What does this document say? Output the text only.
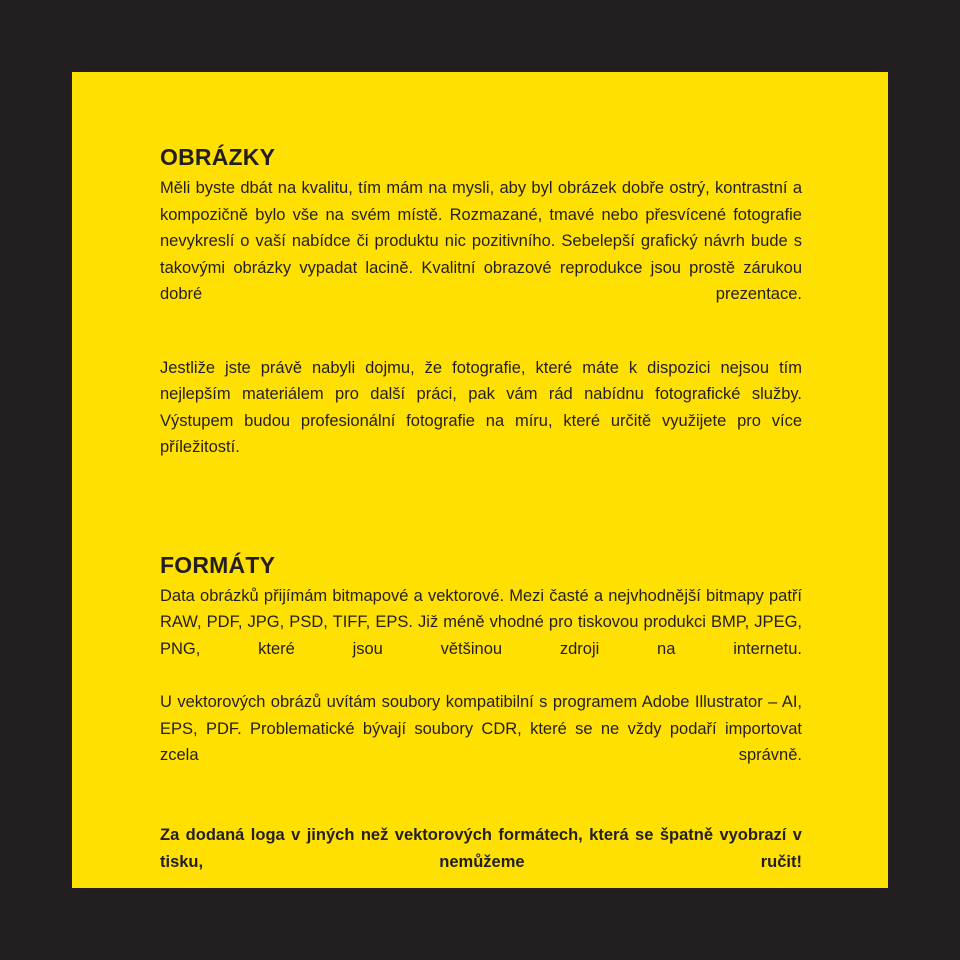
OBRÁZKY

Měli byste dbát na kvalitu, tím mám na mysli, aby byl obrázek dobře ostrý, kontrastní a kompozičně bylo vše na svém místě. Rozmazané, tmavé nebo přesvícené fotografie nevykreslí o vaší nabídce či produktu nic pozitivního. Sebelepší grafický návrh bude s takovými obrázky vypadat lacině. Kvalitní obrazové reprodukce jsou prostě zárukou dobré prezentace.

Jestliže jste právě nabyli dojmu, že fotografie, které máte k dispozici nejsou tím nejlepším materiálem pro další práci, pak vám rád nabídnu fotografické služby. Výstupem budou profesionální fotografie na míru, které určitě využijete pro více příležitostí.

FORMÁTY

Data obrázků přijímám bitmapové a vektorové. Mezi časté a nejvhodnější bitmapy patří RAW, PDF, JPG, PSD, TIFF, EPS. Již méně vhodné pro tiskovou produkci BMP, JPEG, PNG, které jsou většinou zdroji na internetu.

U vektorových obrázů uvítám soubory kompatibilní s programem Adobe Illustrator – AI, EPS, PDF. Problematické bývají soubory CDR, které se ne vždy podaří importovat zcela správně.

Za dodaná loga v jiných než vektorových formátech, která se špatně vyobrazí v tisku, nemůžeme ručit!
